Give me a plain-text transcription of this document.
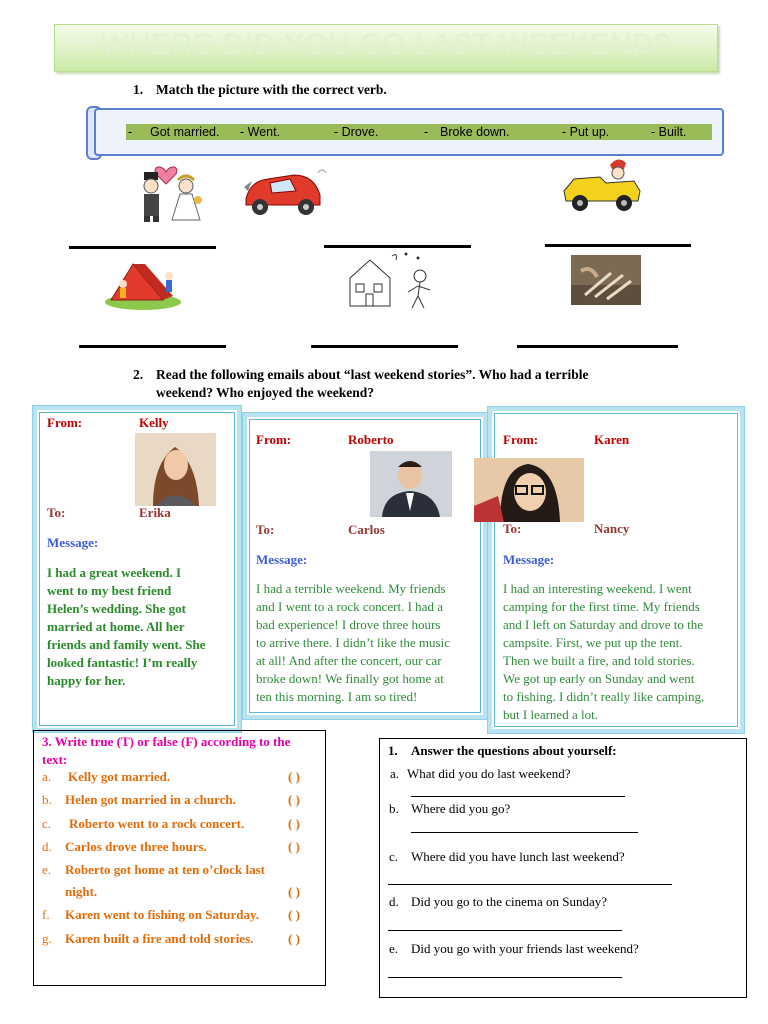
WHERE DID YOU GO LAST WEEKEND?
1. Match the picture with the correct verb.
- Got married. - Went.	- Drove.	- Broke down.	- Put up.	- Built.
2. Read the following emails about “last weekend stories”. Who had a terrible
weekend? Who enjoyed the weekend?
From:	Kelly
To:	Erika
Message:
I had a great weekend. I
went to my best friend
Helen’s wedding. She got
married at home. All her
friends and family went. She
looked fantastic! I’m really
happy for her.
From:	Roberto
To:	Carlos
Message:
I had a terrible weekend. My friends
and I went to a rock concert. I had a
bad experience! I drove three hours
to arrive there. I didn’t like the music
at all! And after the concert, our car
broke down! We finally got home at
ten this morning. I am so tired!
From:	Karen
To:	Nancy
Message:
I had an interesting weekend. I went
camping for the first time. My friends
and I left on Saturday and drove to the
campsite. First, we put up the tent.
Then we built a fire, and told stories.
We got up early on Sunday and went
to fishing. I didn’t really like camping,
but I learned a lot.
3. Write true (T) or false (F) according to the
text:
a. Kelly got married.	( )
b. Helen got married in a church.	( )
c. Roberto went to a rock concert.	( )
d. Carlos drove three hours.	( )
e. Roberto got home at ten o’clock last
night.	( )
f. Karen went to fishing on Saturday. ( )
g. Karen built a fire and told stories.	( )
1. Answer the questions about yourself:
a. What did you do last weekend?
b. Where did you go?
c. Where did you have lunch last weekend?
d. Did you go to the cinema on Sunday?
e. Did you go with your friends last weekend?
